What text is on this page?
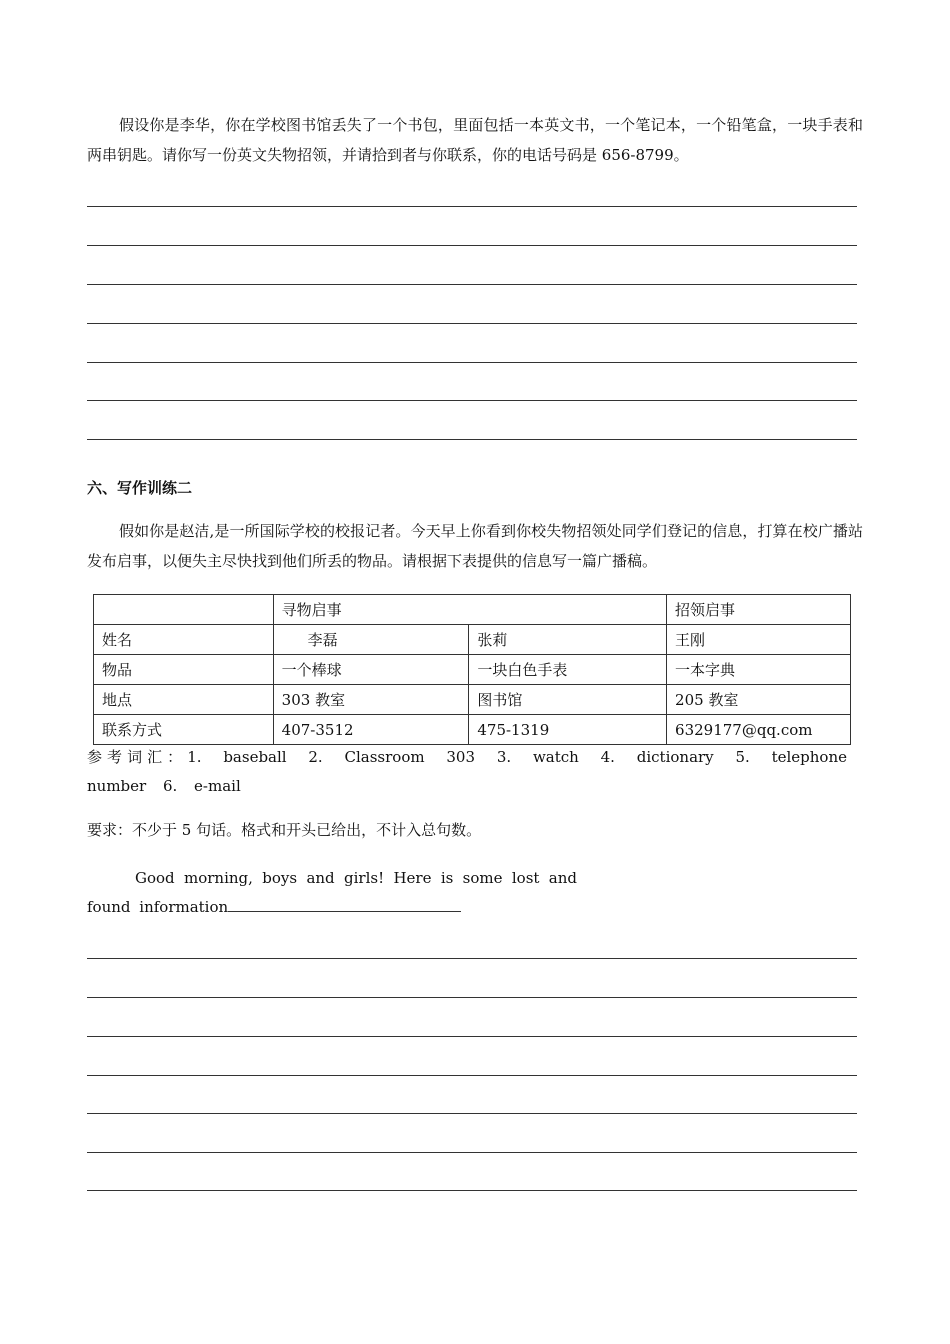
假设你是李华，你在学校图书馆丢失了一个书包，里面包括一本英文书，一个笔记本，一个铅笔盒，一块手表和两串钥匙。请你写一份英文失物招领，并请拾到者与你联系，你的电话号码是 656-8799。
六、写作训练二
假如你是赵洁,是一所国际学校的校报记者。今天早上你看到你校失物招领处同学们登记的信息，打算在校广播站发布启事，以便失主尽快找到他们所丢的物品。请根据下表提供的信息写一篇广播稿。
	寻物启事		招领启事
姓名	李磊	张莉	王刚
物品	一个棒球	一块白色手表	一本字典
地点	303 教室	图书馆	205 教室
联系方式	407-3512	475-1319	6329177@qq.com
参考词汇：1. baseball 2. Classroom 303 3. watch 4. dictionary 5. telephone number 6. e-mail
要求：不少于 5 句话。格式和开头已给出，不计入总句数。
Good morning, boys and girls! Here is some lost and found information
